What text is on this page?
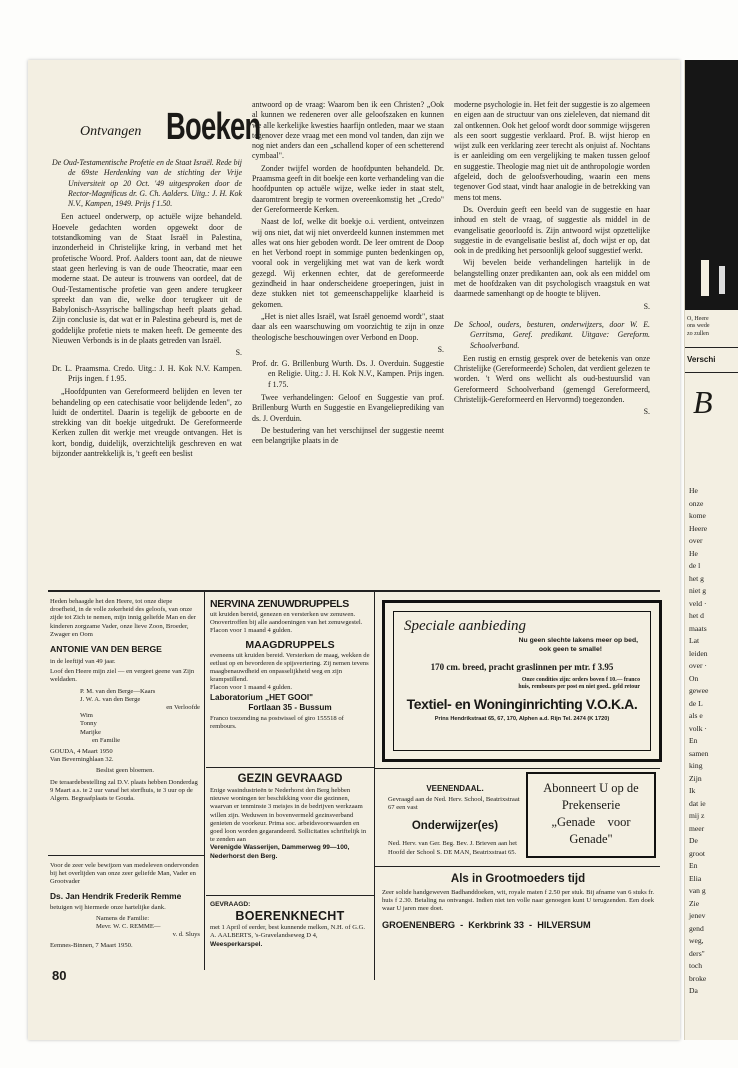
Ontvangen Boeken

De Oud-Testamentische Profetie en de Staat Israël. Rede bij de 69ste Herdenking van de stichting der Vrije Universiteit op 20 Oct. '49 uitgesproken door de Rector-Magnificus dr. G. Ch. Aalders. Uitg.: J. H. Kok N.V., Kampen, 1949. Prijs f 1.50.

Een actueel onderwerp, op actuële wijze behandeld. Hoevele gedachten worden opgewekt door de totstandkoming van de Staat Israël in Palestina, inzonderheid in Christelijke kring, in verband met het profetische Woord. Prof. Aalders toont aan, dat de nieuwe staat geen herleving is van de oude Theocratie, maar een moderne staat. De auteur is trouwens van oordeel, dat de Oud-Testamentische profetie van geen andere terugkeer spreekt dan van die, welke door terugkeer uit de Babylonisch-Assyrische ballingschap heeft plaats gehad. Zijn conclusie is, dat wat er in Palestina gebeurd is, met de goddelijke profetie niets te maken heeft. De gemeente des Nieuwen Verbonds is in de plaats getreden van Israël.

S.

Dr. L. Praamsma. Credo. Uitg.: J. H. Kok N.V. Kampen. Prijs ingen. f 1.95.

„Hoofdpunten van Gereformeerd belijden en leven ter behandeling op een catechisatie voor belijdende leden", zo luidt de ondertitel. Daarin is tegelijk de geboorte en de strekking van dit boekje uitgedrukt. De Gereformeerde Kerken zullen dit werkje met vreugde ontvangen. Het is kort, bondig, duidelijk, overzichtelijk geschreven en wat bijzonder aantrekkelijk is, 't geeft een beslist

antwoord op de vraag: Waarom ben ik een Christen? „Ook al kunnen we redeneren over alle geloofszaken en kunnen we alle kerkelijke kwesties haarfijn ontleden, maar we staan tegenover deze vraag met een mond vol tanden, dan zijn we nog niet anders dan een „schallend koper of een schetterend cymbaal".

Zonder twijfel worden de hoofdpunten behandeld. Dr. Praamsma geeft in dit boekje een korte verhandeling van die hoofdpunten op actuële wijze, welke ieder in staat stelt, daaromtrent bregip te vormen overeenkomstig het „Credo" der Gereformeerde Kerken.

Naast de lof, welke dit boekje o.i. verdient, ontveinzen wij ons niet, dat wij niet onverdeeld kunnen instemmen met alles wat ons hier geboden wordt. De leer omtrent de Doop en het Verbond roept in sommige punten bedenkingen op, vooral ook in vergelijking met wat van de kerk wordt gezegd. Wij erkennen echter, dat de gereformeerde gezindheid in haar onderscheidene groeperingen, juist in deze stukken niet tot gemeenschappelijke klaarheid is gekomen.

„Het is niet alles Israël, wat Israël genoemd wordt", staat daar als een waarschuwing om voorzichtig te zijn in onze theologische beschouwingen over Verbond en Doop.

S.

Prof. dr. G. Brillenburg Wurth. Ds. J. Overduin. Suggestie en Religie. Uitg.: J. H. Kok N.V., Kampen. Prijs ingen. f 1.75.

Twee verhandelingen: Geloof en Suggestie van prof. Brillenburg Wurth en Suggestie en Evangelieprediking van ds. J. Overduin.

De bestudering van het verschijnsel der suggestie neemt een belangrijke plaats in de

moderne psychologie in. Het feit der suggestie is zo algemeen en eigen aan de structuur van ons zieleleven, dat niemand dit zal ontkennen. Ook het geloof wordt door sommige wijsgeren als een soort suggestie verklaard. Prof. B. wijst hierop en wijst zulk een verklaring zeer terecht als onjuist af. Nochtans is er aanleiding om een vergelijking te maken tussen geloof en suggestie. Theologie mag niet uit de anthropologie worden afgeleid, doch de geloofsverhouding, waarin een mens tegenover God staat, vindt haar analogie in de betrekking van mens tot mens.

Ds. Overduin geeft een beeld van de suggestie en haar inhoud en stelt de vraag, of suggestie als middel in de evangelisatie geoorloofd is. Zijn antwoord wijst opzettelijke suggestie in de evangelisatie beslist af, doch wijst er op, dat ook in de prediking het persoonlijk geloof suggestief werkt.

Wij bevelen beide verhandelingen hartelijk in de belangstelling onzer predikanten aan, ook als een middel om met de hoofdzaken van dit psychologisch vraagstuk en wat daarmede samenhangt op de hoogte te blijven.

S.

De School, ouders, besturen, onderwijzers, door W. E. Gerritsma, Geref. predikant. Uitgave: Gereform. Schoolverband.

Een rustig en ernstig gesprek over de betekenis van onze Christelijke (Gereformeerde) Scholen, dat verdient gelezen te worden. 't Werd ons wellicht als oud-bestuurslid van Gereformeerd Schoolverband (gemengd Gereformeerd, Christelijk-Gereformeerd en Hervormd) toegezonden.

S.

Heden behaagde het den Heere, tot onze diepe droefheid, in de volle zekerheid des geloofs, van onze zijde tot Zich te nemen, mijn innig geliefde Man en der kinderen zorgzame Vader, onze lieve Zoon, Broeder, Zwager en Oom

ANTONIE VAN DEN BERGE

in de leeftijd van 49 jaar.

Loof den Heere mijn ziel — en vergeet geene van Zijn weldaden.

P. M. van den Berge—Kaars

J. W. A. van den Berge

en Verloofde

Wim

Tonny

Marijke

en Familie

GOUDA, 4 Maart 1950

Van Beverninghlaan 32.

Beslist geen bloemen.

De teraardebestelling zal D.V. plaats hebben Donderdag 9 Maart a.s. te 2 uur vanaf het sterfhuis, te 3 uur op de Algem. Begraafplaats te Gouda.

Voor de zeer vele bewijzen van medeleven ondervonden bij het overlijden van onze zeer geliefde Man, Vader en Grootvader

Ds. Jan Hendrik Frederik Remme

betuigen wij hiermede onze hartelijke dank.

Namens de Familie:

Mevr. W. C. REMME—

v. d. Sluys

Eemnes-Binnen, 7 Maart 1950.

NERVINA ZENUWDRUPPELS

uit kruiden bereid, genezen en versterken uw zenuwen. Onovertroffen bij alle aandoeningen van het zenuwgestel. Flacon voor 1 maand 4 gulden.

MAAGDRUPPELS

eveneens uit kruiden bereid. Versterken de maag, wekken de eetlust op en bevorderen de spijsvertering. Zij nemen tevens maagbenauwdheid en onpasselijkheid weg en zijn krampstillend.

Flacon voor 1 maand 4 gulden.

Laboratorium „HET GOOI"

Fortlaan 35 - Bussum

Franco toezending na postwissel of giro 155518 of rembours.

GEZIN GEVRAAGD

Enige wasindustrieën te Nederhorst den Berg hebben nieuwe woningen ter beschikking voor die gezinnen, waarvan er tenminste 3 meisjes in de bedrijven werkzaam willen zijn. Weduwen in bovenvermeld gezinsverband genieten de voorkeur. Prima soc. arbeidsvoorwaarden en goed loon worden gegarandeerd. Sollicitaties schriftelijk in te zenden aan

Verenigde Wasserijen, Dammerweg 99—100, Nederhorst den Berg.

GEVRAAGD:

BOERENKNECHT

met 1 April of eerder, best kunnende melken, N.H. of G.G.

A. AALBERTS, 's-Gravelandseweg D 4,

Weesperkarspel.

Speciale aanbieding

Nu geen slechte lakens meer op bed,

ook geen te smalle!

170 cm. breed, pracht graslinnen per mtr. f 3.95

Onze condities zijn: orders boven f 10.— franco

huis, rembours per post en niet goed.. geld retour

Textiel- en Woninginrichting V.O.K.A.

Prins Hendrikstraat 65, 67, 170, Alphen a.d. Rijn Tel. 2474 (K 1720)

VEENENDAAL.

Gevraagd aan de Ned. Herv. School, Beatrixstraat 67 een vast

Onderwijzer(es)

Ned. Herv. van Ger. Beg. Bev. J. Brieven aan het Hoofd der School S. DE MAN, Beatrixstraat 65.

Abonneert U op de
Prekenserie
„Genade    voor
Genade"

Als in Grootmoeders tijd

Zeer solide handgeweven Badhanddoeken, wit, royale maten f 2.50 per stuk. Bij afname van 6 stuks fr. huis f 2.30. Betaling na ontvangst. Indien niet ten volle naar genoegen kunt U terugzenden. Een doek waar U jaren mee doet.

GROENENBERG  -  Kerkbrink 33  -  HILVERSUM

80
O, Heere
ons wede
zo zullen
Verschi
B
He
onze
kome
Heere
over
He
de l
het g
niet g
veld ·
het d
maats
Lat
leiden
over ·
On
gewee
de L
als e
volk ·
En
samen
king
Zijn
Ik
dat ie
mij z
meer
De
groot
En
Elia
van g
Zie
jenev
gend
weg,
ders"
toch
broke
Da
